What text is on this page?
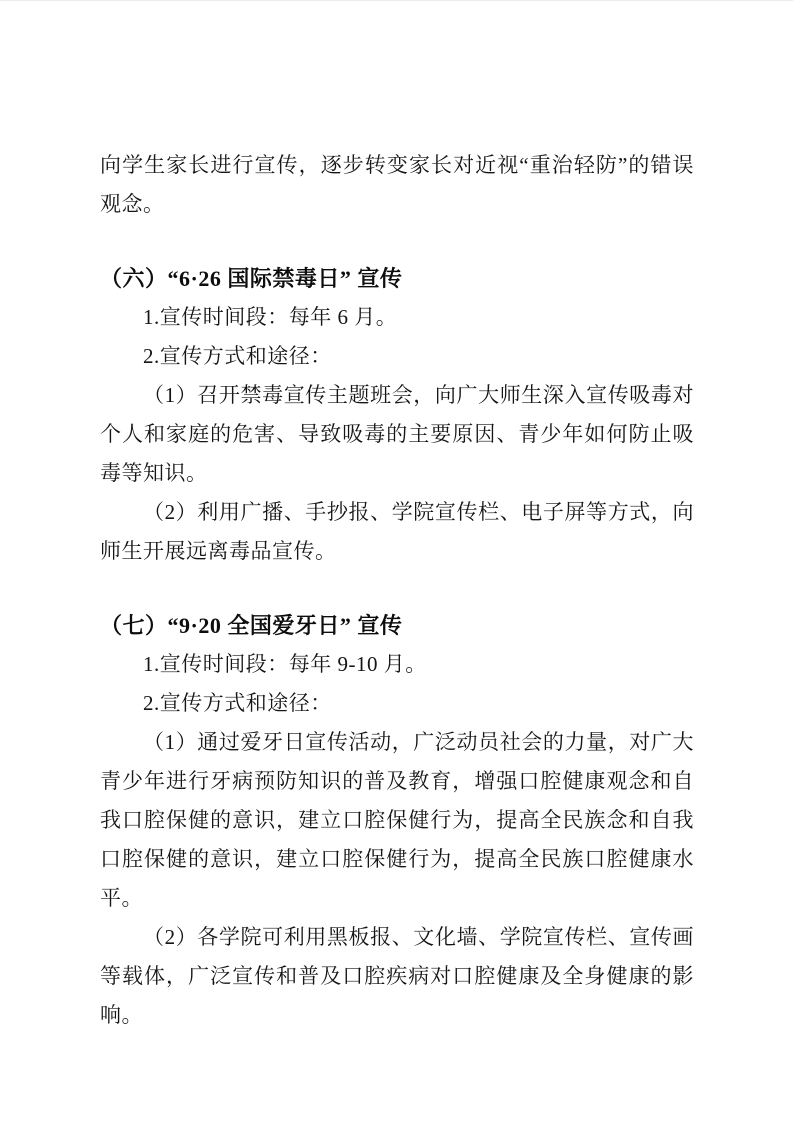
向学生家长进行宣传，逐步转变家长对近视“重治轻防”的错误观念。

（六）“6·26 国际禁毒日” 宣传

1.宣传时间段：每年 6 月。

2.宣传方式和途径：

（1）召开禁毒宣传主题班会，向广大师生深入宣传吸毒对个人和家庭的危害、导致吸毒的主要原因、青少年如何防止吸毒等知识。

（2）利用广播、手抄报、学院宣传栏、电子屏等方式，向师生开展远离毒品宣传。

（七）“9·20 全国爱牙日” 宣传

1.宣传时间段：每年 9-10 月。

2.宣传方式和途径：

（1）通过爱牙日宣传活动，广泛动员社会的力量，对广大青少年进行牙病预防知识的普及教育，增强口腔健康观念和自我口腔保健的意识，建立口腔保健行为，提高全民族念和自我口腔保健的意识，建立口腔保健行为，提高全民族口腔健康水平。

（2）各学院可利用黑板报、文化墙、学院宣传栏、宣传画等载体，广泛宣传和普及口腔疾病对口腔健康及全身健康的影响。
